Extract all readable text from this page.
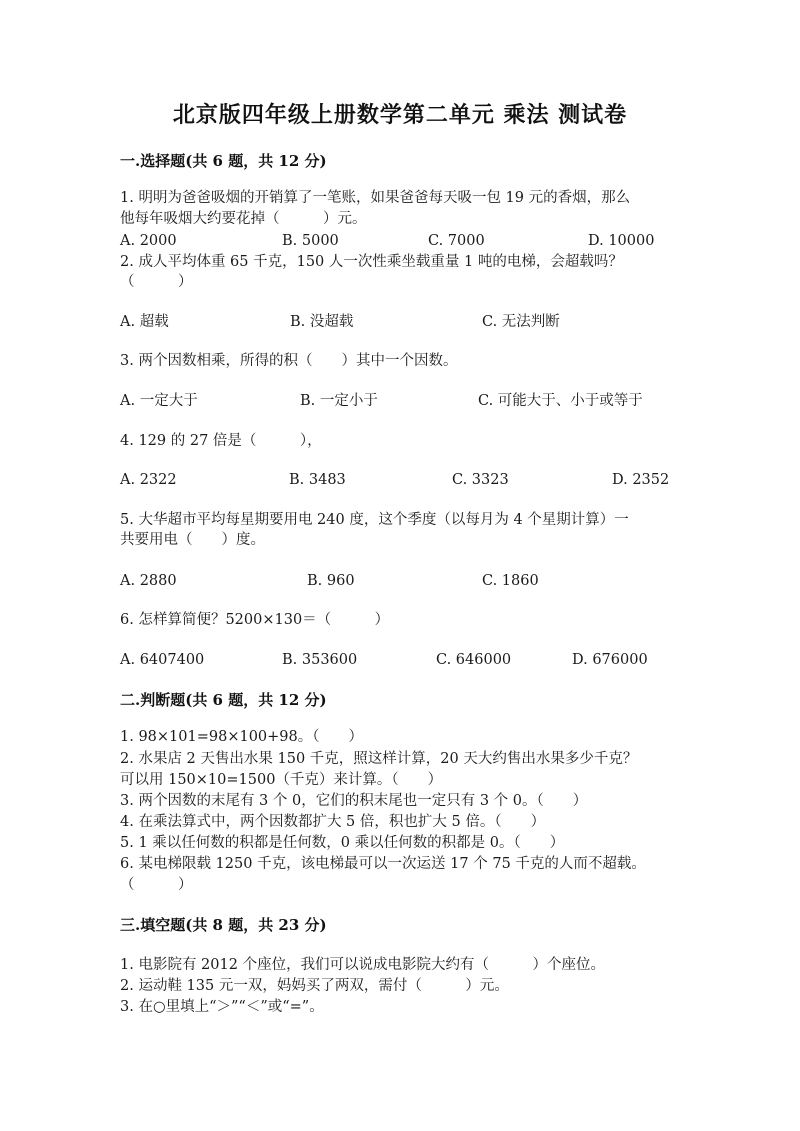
北京版四年级上册数学第二单元 乘法 测试卷
一.选择题(共 6 题，共 12 分)
1. 明明为爸爸吸烟的开销算了一笔账，如果爸爸每天吸一包 19 元的香烟，那么
他每年吸烟大约要花掉（　　　）元。
A. 2000	B. 5000	C. 7000	D. 10000
2. 成人平均体重 65 千克，150 人一次性乘坐载重量 1 吨的电梯，会超载吗？
（　　　）
A. 超载	B. 没超载	C. 无法判断
3. 两个因数相乘，所得的积（　　）其中一个因数。
A. 一定大于	B. 一定小于	C. 可能大于、小于或等于
4. 129 的 27 倍是（　　　），
A. 2322	B. 3483	C. 3323	D. 2352
5. 大华超市平均每星期要用电 240 度，这个季度（以每月为 4 个星期计算）一
共要用电（　　）度。
A. 2880	B. 960	C. 1860
6. 怎样算简便？5200×130＝（　　　）
A. 6407400	B. 353600	C. 646000	D. 676000
二.判断题(共 6 题，共 12 分)
1. 98×101=98×100+98。（　　）
2. 水果店 2 天售出水果 150 千克，照这样计算，20 天大约售出水果多少千克？
可以用 150×10=1500（千克）来计算。（　　）
3. 两个因数的末尾有 3 个 0，它们的积末尾也一定只有 3 个 0。（　　）
4. 在乘法算式中，两个因数都扩大 5 倍，积也扩大 5 倍。（　　）
5. 1 乘以任何数的积都是任何数，0 乘以任何数的积都是 0。（　　）
6. 某电梯限载 1250 千克，该电梯最可以一次运送 17 个 75 千克的人而不超载。
（　　　）
三.填空题(共 8 题，共 23 分)
1. 电影院有 2012 个座位，我们可以说成电影院大约有（　　　）个座位。
2. 运动鞋 135 元一双，妈妈买了两双，需付（　　　）元。
3. 在○里填上“＞”“＜”或“=”。
